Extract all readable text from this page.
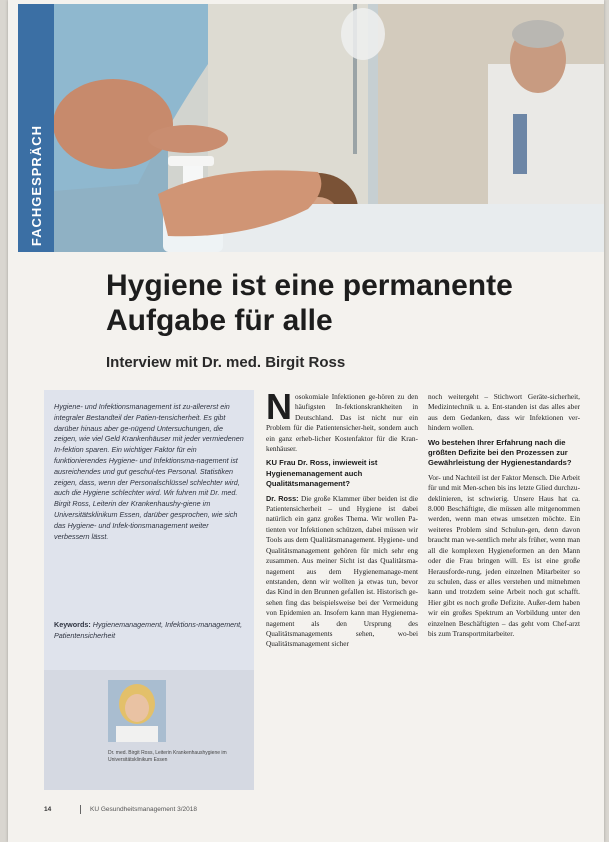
FACHGESPRÄCH
Hygiene ist eine permanente
Aufgabe für alle
Interview mit Dr. med. Birgit Ross

Hygiene- und Infektionsmanagement ist zu-allererst ein integraler Bestandteil der Patien-tensicherheit. Es gibt darüber hinaus aber ge-nügend Untersuchungen, die zeigen, wie viel Geld Krankenhäuser mit jeder vermiedenen In-fektion sparen. Ein wichtiger Faktor für ein funktionierendes Hygiene- und Infektionsma-nagement ist ausreichendes und gut geschul-tes Personal. Statistiken zeigen, dass, wenn der Personalschlüssel schlechter wird, auch die Hygiene schlechter wird. Wir fuhren mit Dr. med. Birgit Ross, Leiterin der Krankenhaushy-giene im Universitätsklinikum Essen, darüber gesprochen, wie sich das Hygiene- und Infek-tionsmanagement weiter verbessern lässt.

Keywords: Hygienemanagement, Infektions-management, Patientensicherheit

Dr. med. Birgit Ross, Leiterin Krankenhaushygiene im Universitätsklinikum Essen

N osokomiale Infektionen ge-hören zu den häufigsten In-fektionskrankheiten in Deutschland. Das ist nicht nur ein Problem für die Patientensicher-heit, sondern auch ein ganz erheb-licher Kostenfaktor für die Kran-kenhäuser.

KU Frau Dr. Ross, inwieweit ist Hygienemanagement auch Qualitätsmanagement?

Dr. Ross: Die große Klammer über beiden ist die Patientensicherheit – und Hygiene ist dabei natürlich ein ganz großes Thema. Wir wollen Pa-tienten vor Infektionen schützen, dabei müssen wir Tools aus dem Qualitätsmanagement. Hygiene- und Qualitätsmanagement gehören für mich sehr eng zusammen. Aus meiner Sicht ist das Qualitätsma-nagement aus dem Hygienemanage-ment entstanden, denn wir wollten ja etwas tun, bevor das Kind in den Brunnen gefallen ist. Historisch ge-sehen fing das beispielsweise bei der Vermeidung von Epidemien an. Insofern kann man Hygienema-nagement als den Ursprung des Qualitätsmanagements sehen, wo-bei Qualitätsmanagement sicher

noch weitergeht – Stichwort Geräte-sicherheit, Medizintechnik u. a. Ent-standen ist das alles aber aus dem Gedanken, dass wir Infektionen ver-hindern wollen.

Wo bestehen Ihrer Erfahrung nach die größten Defizite bei den Prozessen zur Gewährleistung der Hygienestandards?

Vor- und Nachteil ist der Faktor Mensch. Die Arbeit für und mit Men-schen bis ins letzte Glied durchzu-deklinieren, ist schwierig. Unsere Haus hat ca. 8.000 Beschäftigte, die müssen alle mitgenommen werden, wenn man etwas umsetzen möchte. Ein weiteres Problem sind Schulun-gen, denn davon braucht man we-sentlich mehr als früher, wenn man all die komplexen Hygieneformen an den Mann oder die Frau bringen will. Es ist eine große Herausforde-rung, jeden einzelnen Mitarbeiter so zu schulen, dass er alles verstehen und mitnehmen kann und trotzdem seine Arbeit noch gut schafft. Hier gibt es noch große Defizite. Außer-dem haben wir ein großes Spektrum an Vorbildung unter den einzelnen Beschäftigten – das geht vom Chef-arzt bis zum Transportmitarbeiter.

14	KU Gesundheitsmanagement 3/2018
